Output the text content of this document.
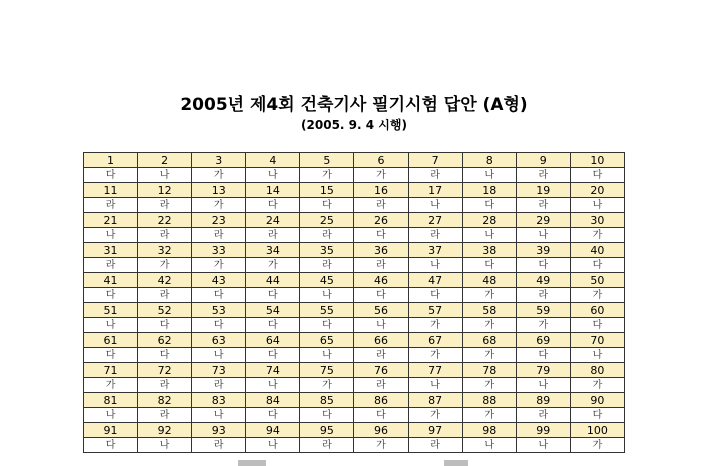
2005년 제4회 건축기사 필기시험 답안 (A형)
(2005. 9. 4 시행)
1	2	3	4	5	6	7	8	9	10
다	나	가	나	가	가	라	나	라	다
11	12	13	14	15	16	17	18	19	20
라	라	가	다	다	라	나	다	라	나
21	22	23	24	25	26	27	28	29	30
나	라	라	라	라	다	라	나	나	가
31	32	33	34	35	36	37	38	39	40
라	가	가	가	라	라	나	다	다	다
41	42	43	44	45	46	47	48	49	50
다	라	다	다	나	다	다	가	라	가
51	52	53	54	55	56	57	58	59	60
나	다	다	다	다	나	가	가	가	다
61	62	63	64	65	66	67	68	69	70
다	다	나	다	나	라	가	가	다	나
71	72	73	74	75	76	77	78	79	80
가	라	라	나	가	라	나	가	나	가
81	82	83	84	85	86	87	88	89	90
나	라	나	다	다	다	가	가	라	다
91	92	93	94	95	96	97	98	99	100
다	나	라	나	라	가	라	나	나	가
